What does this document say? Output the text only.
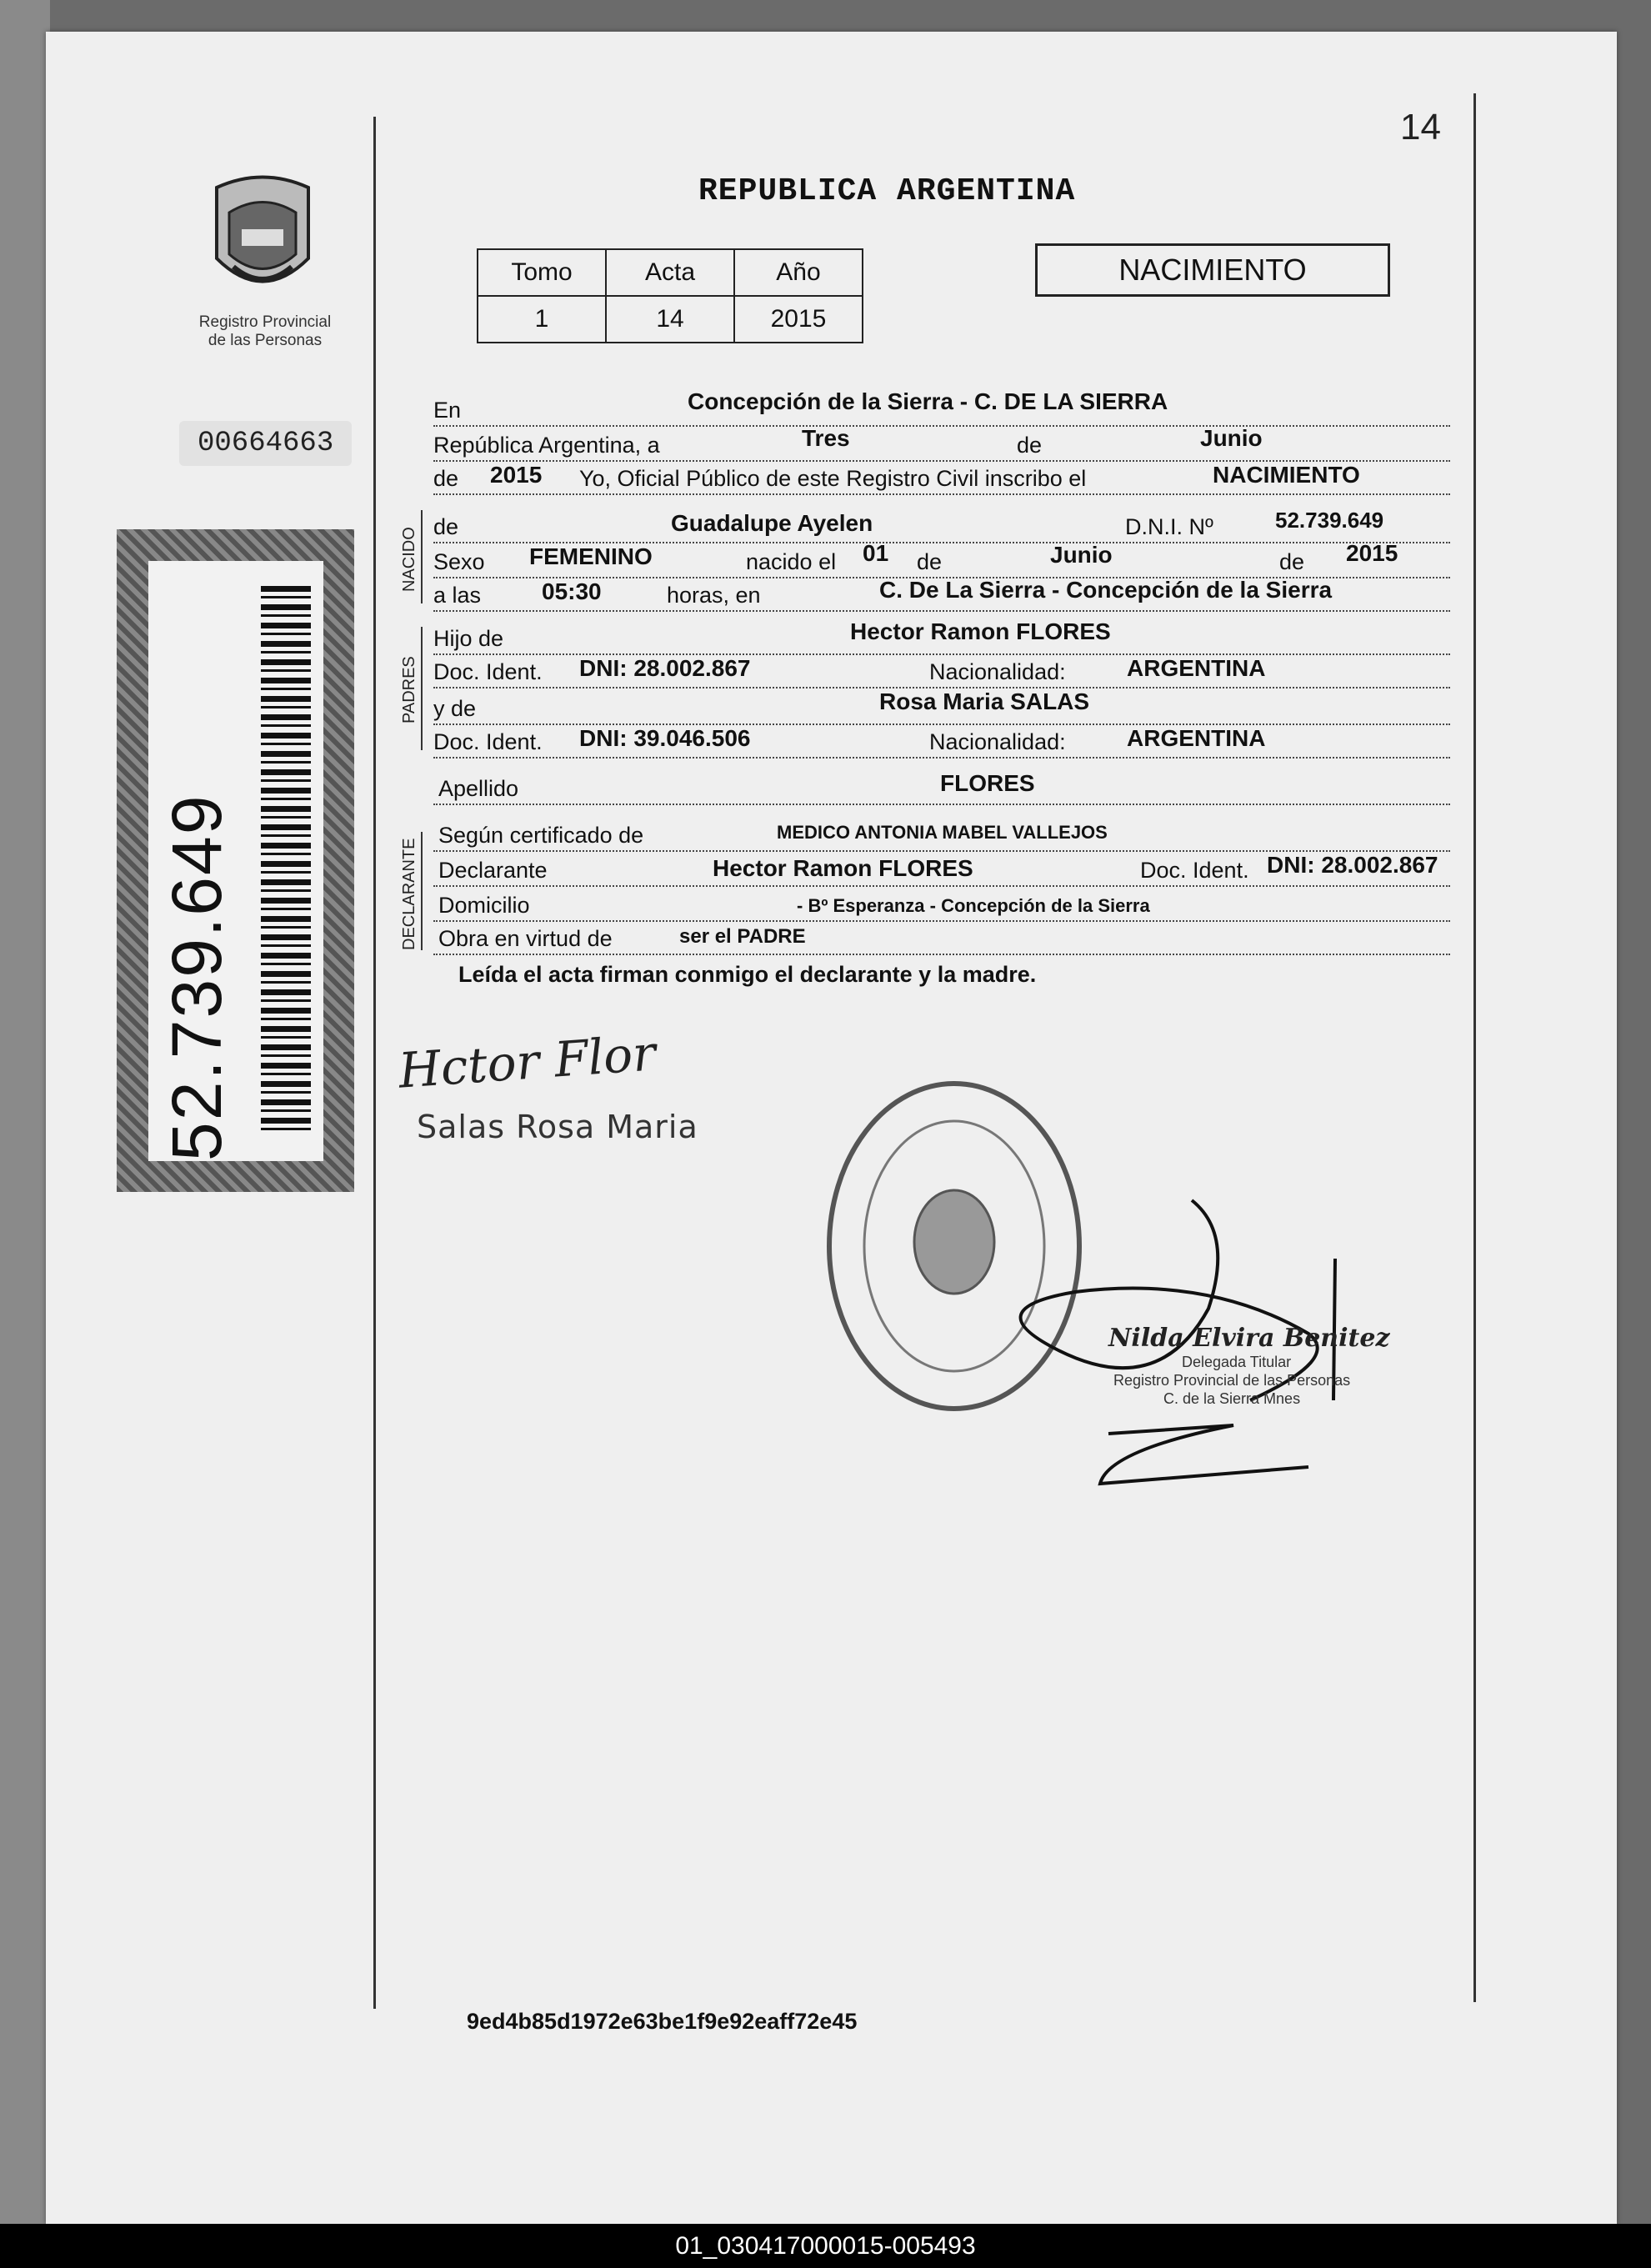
14
REPUBLICA ARGENTINA
Tomo	Acta	Año
1	14	2015
NACIMIENTO
Registro Provincial de las Personas
00664663
52.739.649
NACIDO
PADRES
DECLARANTE
En	Concepción de la Sierra - C. DE LA SIERRA
República Argentina, a	Tres	de	Junio
de 2015 Yo, Oficial Público de este Registro Civil inscribo el	NACIMIENTO
de	Guadalupe Ayelen	D.N.I. Nº	52.739.649
Sexo FEMENINO	nacido el 01 de	Junio	de 2015
a las	05:30	horas, en	C. De La Sierra - Concepción de la Sierra
Hijo de	Hector Ramon FLORES
Doc. Ident. DNI: 28.002.867	Nacionalidad:	ARGENTINA
y de	Rosa Maria SALAS
Doc. Ident. DNI: 39.046.506	Nacionalidad:	ARGENTINA
Apellido	FLORES
Según certificado de	MEDICO ANTONIA MABEL VALLEJOS
Declarante	Hector Ramon FLORES	Doc. Ident. DNI: 28.002.867
Domicilio	- Bº Esperanza - Concepción de la Sierra
Obra en virtud de	ser el PADRE
Leída el acta firman conmigo el declarante y la madre.
Hctor Flor
Salas Rosa Maria
Nilda Elvira Benitez
Delegada Titular
Registro Provincial de las Personas
C. de la Sierra Mnes
9ed4b85d1972e63be1f9e92eaff72e45
01_030417000015-005493
